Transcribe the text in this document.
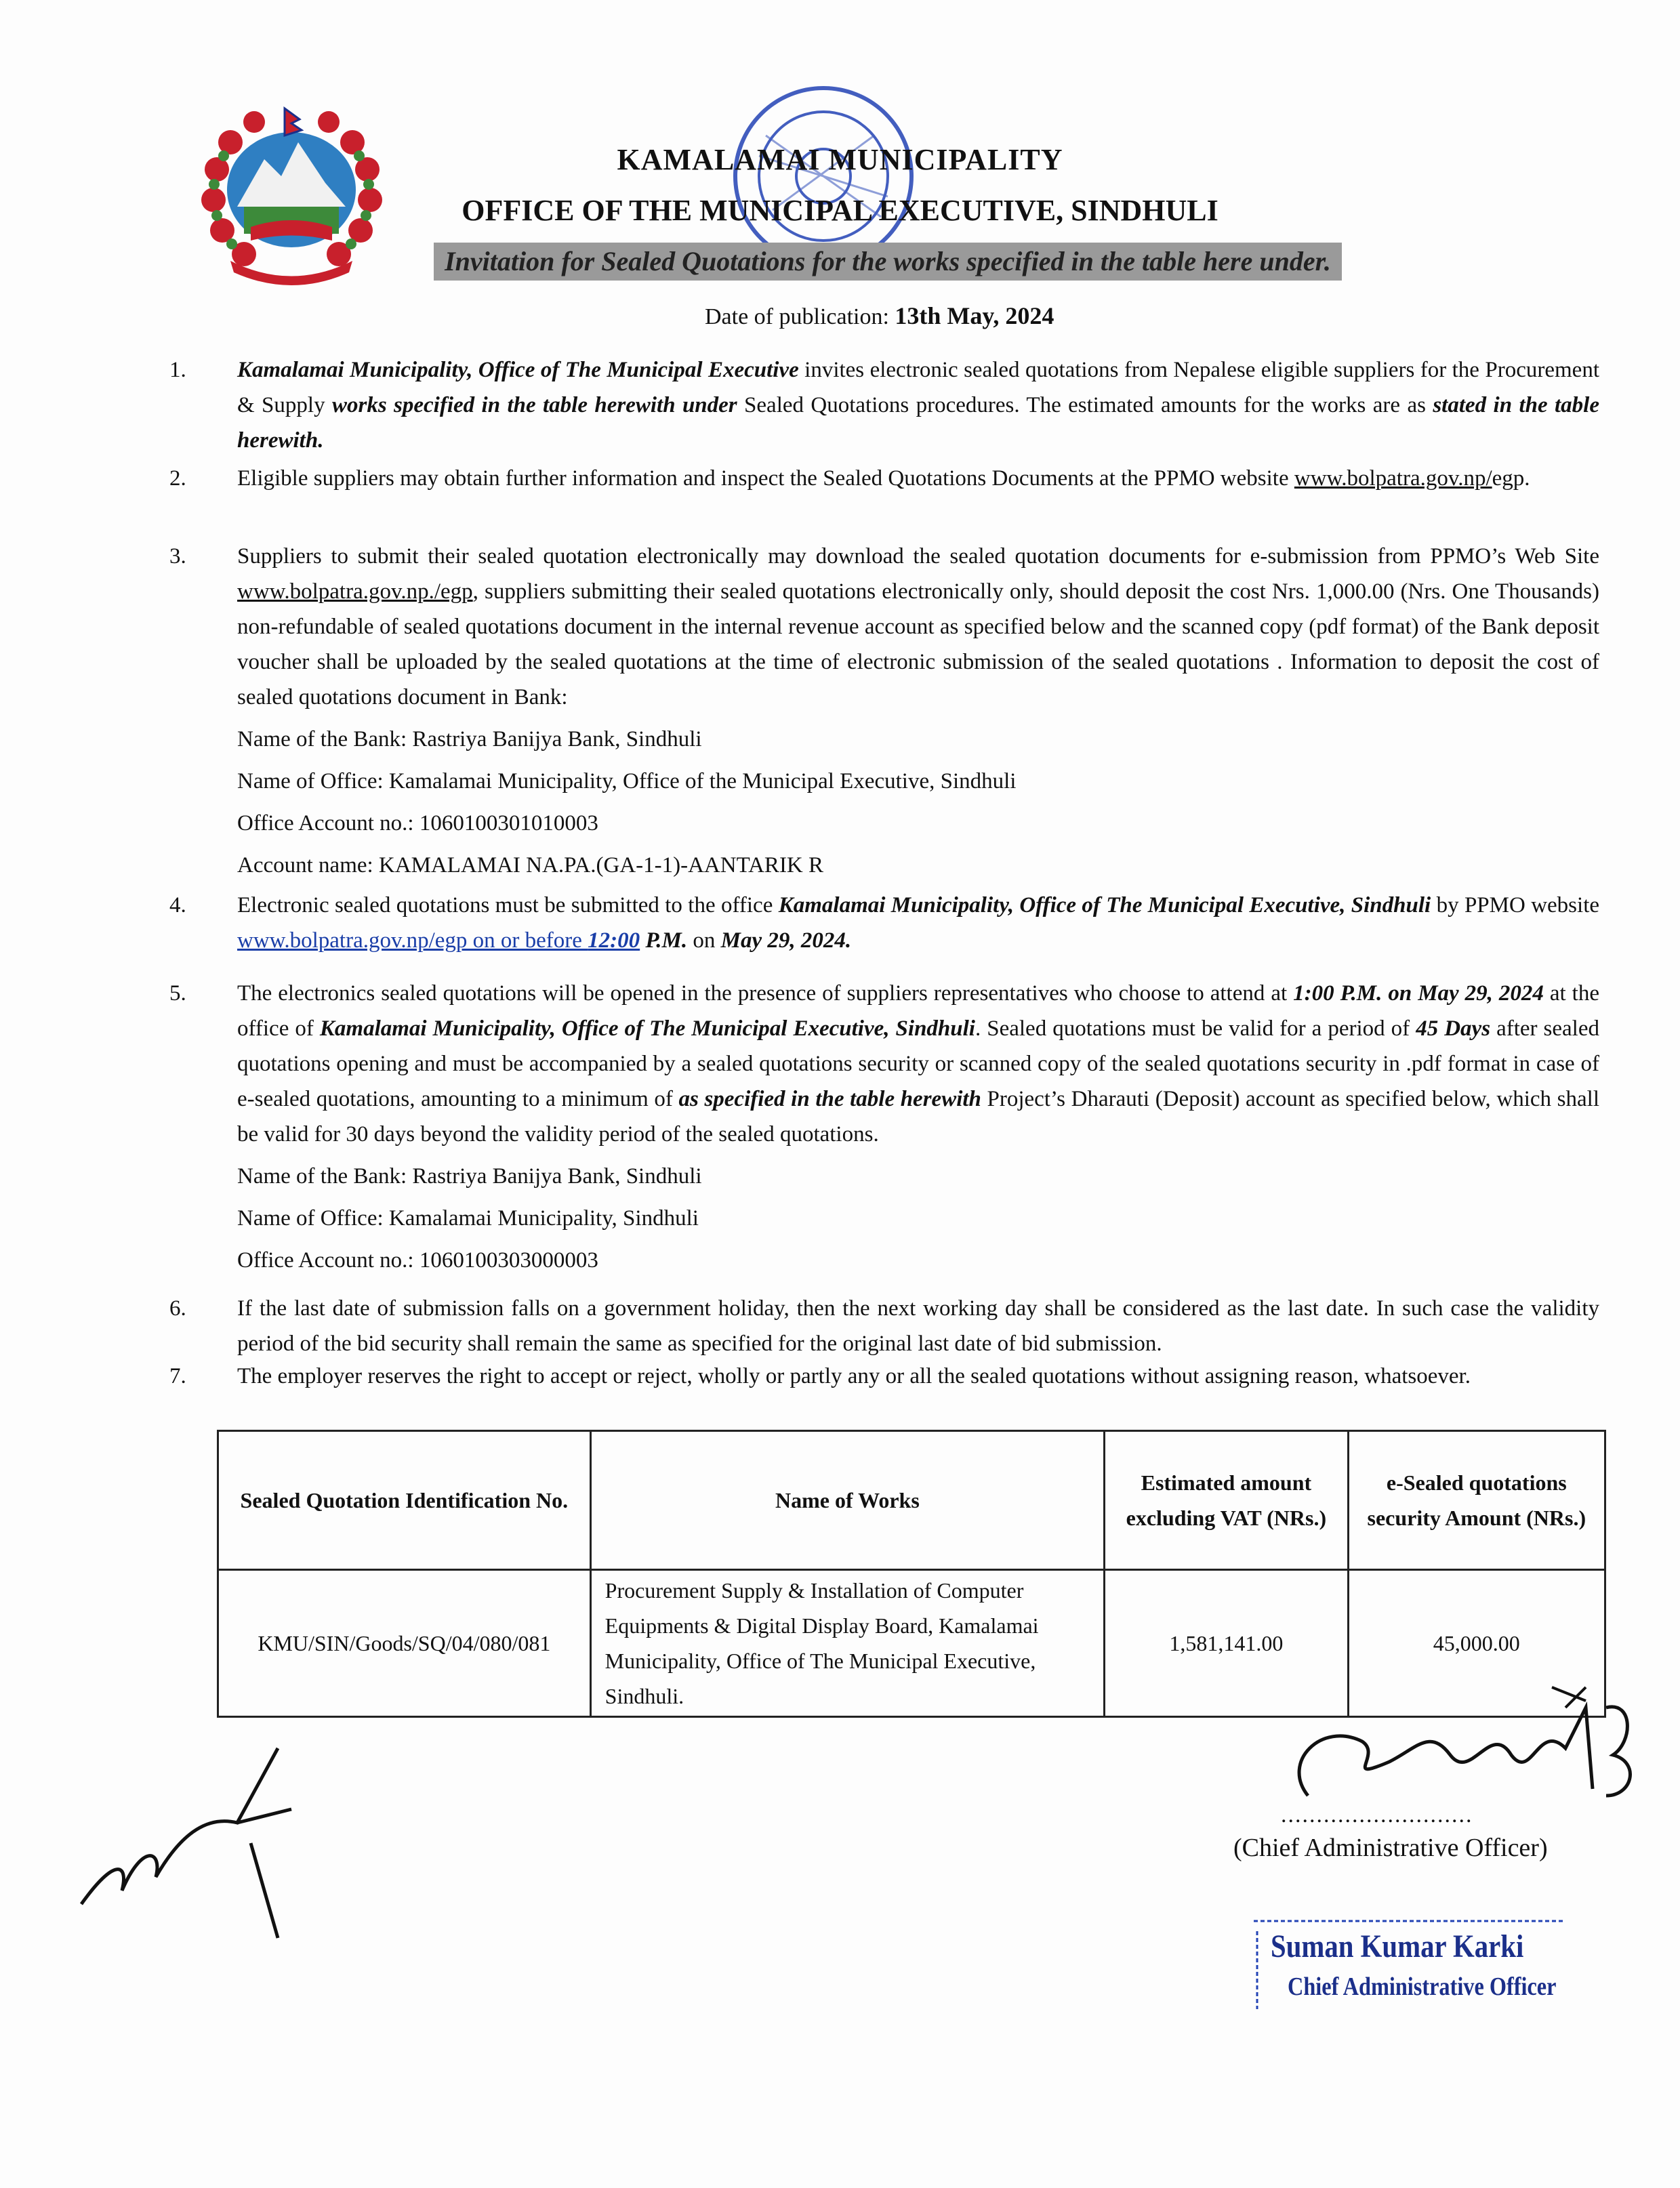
KAMALAMAI MUNICIPALITY
OFFICE OF THE MUNICIPAL EXECUTIVE, SINDHULI
Invitation for Sealed Quotations for the works specified in the table here under.
Date of publication: 13th May, 2024
1.	Kamalamai Municipality, Office of The Municipal Executive invites electronic sealed quotations from Nepalese eligible suppliers for the Procurement & Supply works specified in the table herewith under Sealed Quotations procedures. The estimated amounts for the works are as stated in the table herewith.

2.	Eligible suppliers may obtain further information and inspect the Sealed Quotations Documents at the PPMO website www.bolpatra.gov.np/egp.

3.	Suppliers to submit their sealed quotation electronically may download the sealed quotation documents for e-submission from PPMO’s Web Site www.bolpatra.gov.np./egp, suppliers submitting their sealed quotations electronically only, should deposit the cost Nrs. 1,000.00 (Nrs. One Thousands) non-refundable of sealed quotations document in the internal revenue account as specified below and the scanned copy (pdf format) of the Bank deposit voucher shall be uploaded by the sealed quotations at the time of electronic submission of the sealed quotations . Information to deposit the cost of sealed quotations document in Bank:

Name of the Bank: Rastriya Banijya Bank, Sindhuli

Name of Office: Kamalamai Municipality, Office of the Municipal Executive, Sindhuli

Office Account no.: 1060100301010003

Account name: KAMALAMAI NA.PA.(GA-1-1)-AANTARIK R

4.	Electronic sealed quotations must be submitted to the office Kamalamai Municipality, Office of The Municipal Executive, Sindhuli by PPMO website www.bolpatra.gov.np/egp on or before 12:00 P.M. on May 29, 2024.

5.	The electronics sealed quotations will be opened in the presence of suppliers representatives who choose to attend at 1:00 P.M. on May 29, 2024 at the office of Kamalamai Municipality, Office of The Municipal Executive, Sindhuli. Sealed quotations must be valid for a period of 45 Days after sealed quotations opening and must be accompanied by a sealed quotations security or scanned copy of the sealed quotations security in .pdf format in case of e-sealed quotations, amounting to a minimum of as specified in the table herewith Project’s Dharauti (Deposit) account as specified below, which shall be valid for 30 days beyond the validity period of the sealed quotations.

Name of the Bank: Rastriya Banijya Bank, Sindhuli

Name of Office: Kamalamai Municipality, Sindhuli

Office Account no.: 1060100303000003

6.	If the last date of submission falls on a government holiday, then the next working day shall be considered as the last date. In such case the validity period of the bid security shall remain the same as specified for the original last date of bid submission.

7.	The employer reserves the right to accept or reject, wholly or partly any or all the sealed quotations without assigning reason, whatsoever.

Sealed Quotation Identification No.	Name of Works	Estimated amount excluding VAT (NRs.)	e-Sealed quotations security Amount (NRs.)
KMU/SIN/Goods/SQ/04/080/081	Procurement Supply & Installation of Computer Equipments & Digital Display Board, Kamalamai Municipality, Office of The Municipal Executive, Sindhuli.	1,581,141.00	45,000.00
...........................
(Chief Administrative Officer)
Suman Kumar Karki
Chief Administrative Officer
